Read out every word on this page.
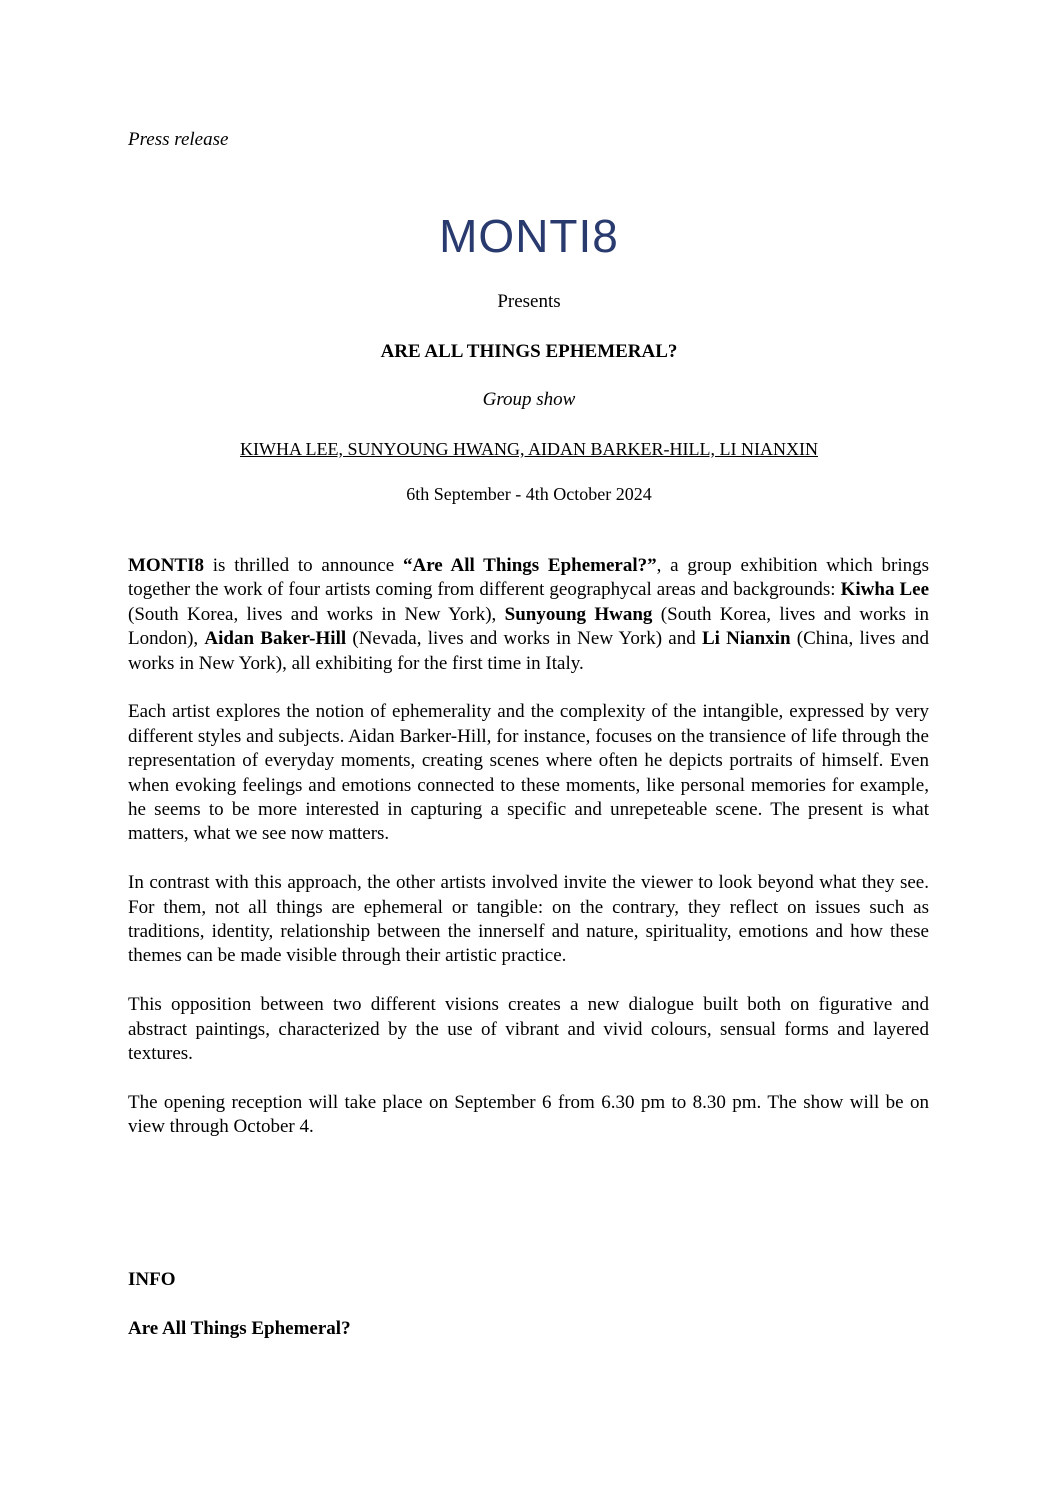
Press release
MONTI8
Presents
ARE ALL THINGS EPHEMERAL?
Group show
KIWHA LEE, SUNYOUNG HWANG, AIDAN BARKER-HILL, LI NIANXIN
6th September - 4th October 2024

MONTI8 is thrilled to announce “Are All Things Ephemeral?”, a group exhibition which brings together the work of four artists coming from different geographycal areas and backgrounds: Kiwha Lee (South Korea, lives and works in New York), Sunyoung Hwang (South Korea, lives and works in London), Aidan Baker-Hill (Nevada, lives and works in New York) and Li Nianxin (China, lives and works in New York), all exhibiting for the first time in Italy.

Each artist explores the notion of ephemerality and the complexity of the intangible, expressed by very different styles and subjects. Aidan Barker-Hill, for instance, focuses on the transience of life through the representation of everyday moments, creating scenes where often he depicts portraits of himself. Even when evoking feelings and emotions connected to these moments, like personal memories for example, he seems to be more interested in capturing a specific and unrepeteable scene. The present is what matters, what we see now matters.

In contrast with this approach, the other artists involved invite the viewer to look beyond what they see. For them, not all things are ephemeral or tangible: on the contrary, they reflect on issues such as traditions, identity, relationship between the innerself and nature, spirituality, emotions and how these themes can be made visible through their artistic practice.

This opposition between two different visions creates a new dialogue built both on figurative and abstract paintings, characterized by the use of vibrant and vivid colours, sensual forms and layered textures.

The opening reception will take place on September 6 from 6.30 pm to 8.30 pm. The show will be on view through October 4.

INFO
Are All Things Ephemeral?
